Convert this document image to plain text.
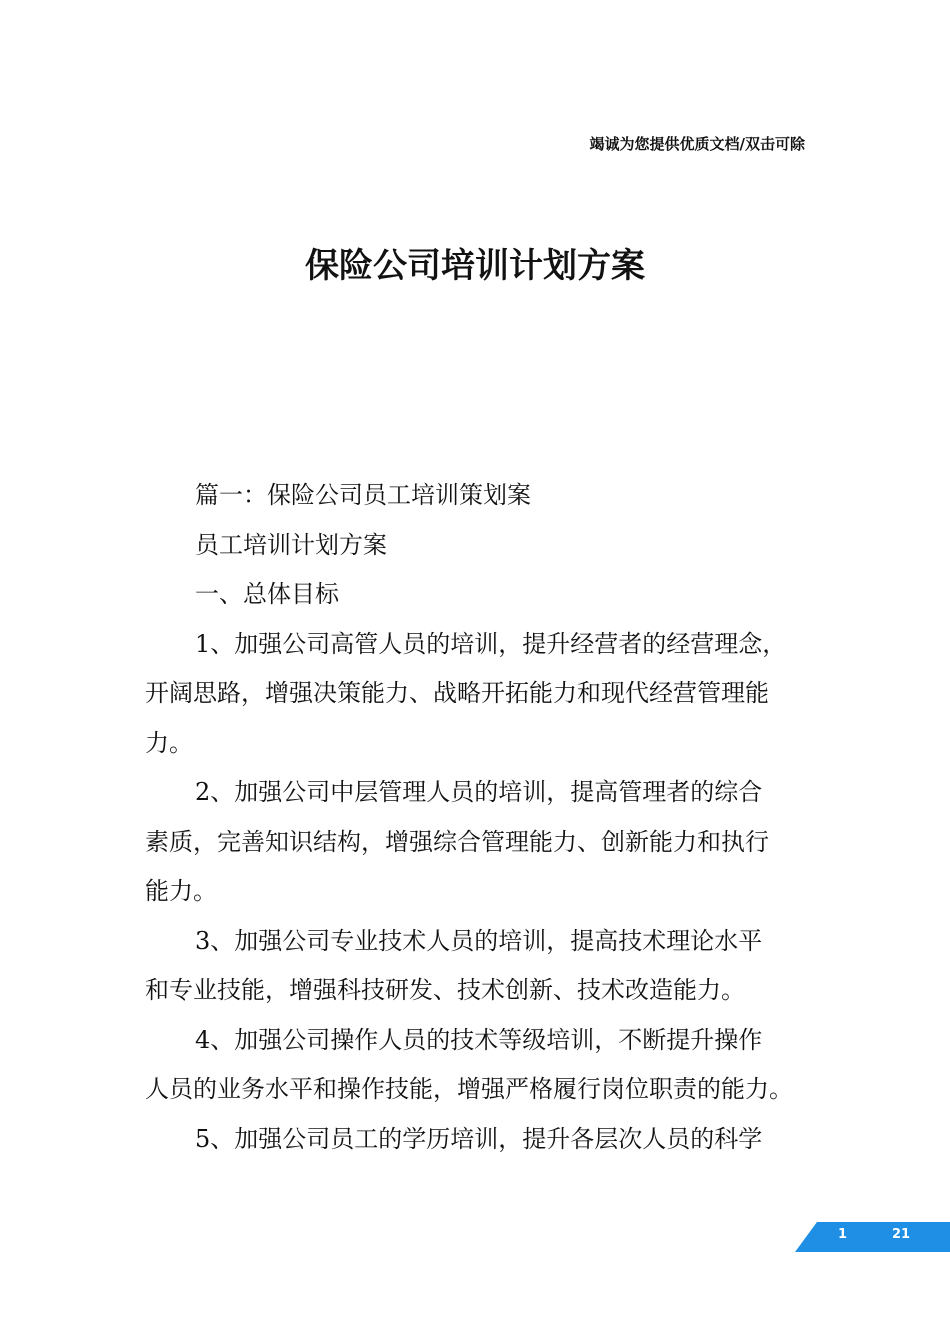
竭诚为您提供优质文档/双击可除
保险公司培训计划方案
篇一：保险公司员工培训策划案
员工培训计划方案
一、总体目标
1、加强公司高管人员的培训，提升经营者的经营理念，
开阔思路，增强决策能力、战略开拓能力和现代经营管理能
力。
2、加强公司中层管理人员的培训，提高管理者的综合
素质，完善知识结构，增强综合管理能力、创新能力和执行
能力。
3、加强公司专业技术人员的培训，提高技术理论水平
和专业技能，增强科技研发、技术创新、技术改造能力。
4、加强公司操作人员的技术等级培训，不断提升操作
人员的业务水平和操作技能，增强严格履行岗位职责的能力。
5、加强公司员工的学历培训，提升各层次人员的科学
1	21
